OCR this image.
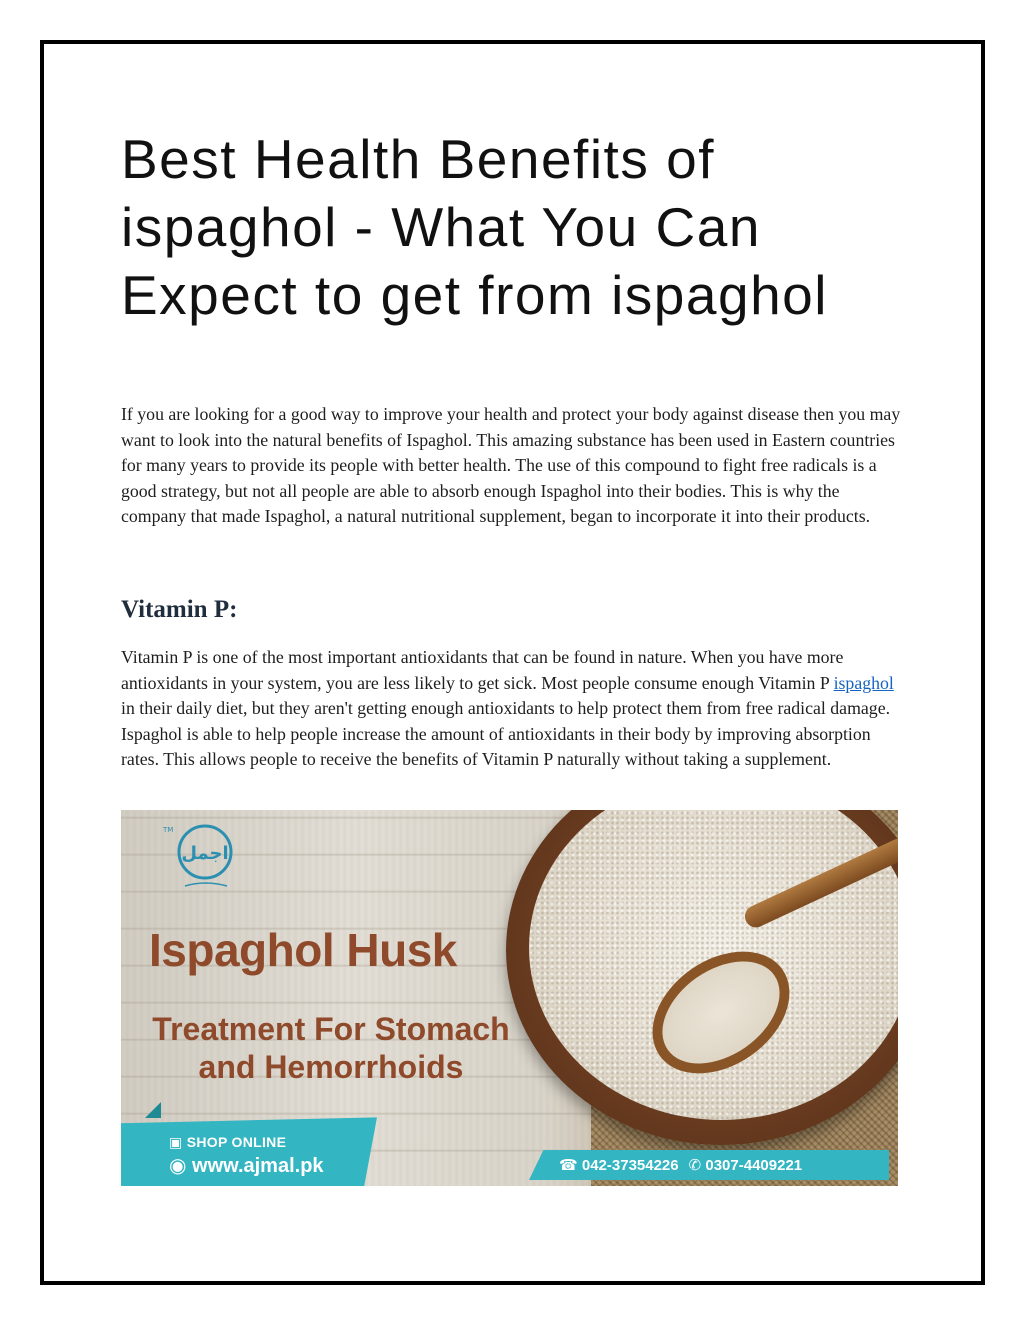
Best Health Benefits of ispaghol - What You Can Expect to get from ispaghol

If you are looking for a good way to improve your health and protect your body against disease then you may want to look into the natural benefits of Ispaghol. This amazing substance has been used in Eastern countries for many years to provide its people with better health. The use of this compound to fight free radicals is a good strategy, but not all people are able to absorb enough Ispaghol into their bodies. This is why the company that made Ispaghol, a natural nutritional supplement, began to incorporate it into their products.

Vitamin P:

Vitamin P is one of the most important antioxidants that can be found in nature. When you have more antioxidants in your system, you are less likely to get sick. Most people consume enough Vitamin P ispaghol in their daily diet, but they aren't getting enough antioxidants to help protect them from free radical damage. Ispaghol is able to help people increase the amount of antioxidants in their body by improving absorption rates. This allows people to receive the benefits of Vitamin P naturally without taking a supplement.

اجمل
TM
Ispaghol Husk

Treatment For Stomach
and Hemorrhoids

▣ SHOP ONLINE
◉ www.ajmal.pk	☎ 042-37354226 ✆ 0307-4409221
